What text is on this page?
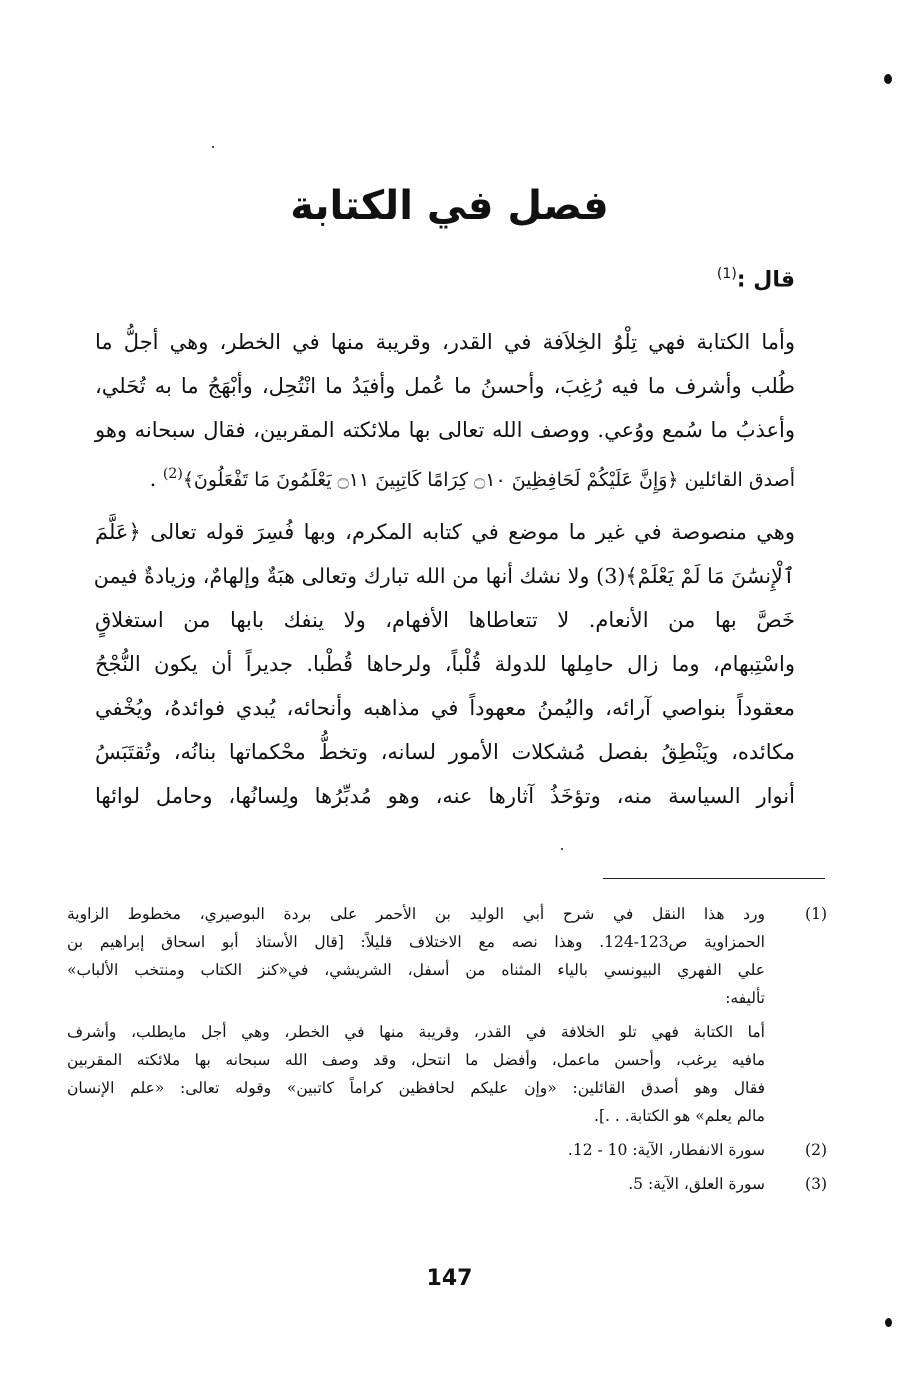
فصل في الكتابة
قال :$^{(1)}$
وأما الكتابة فهي تِلْوُ الخِلاَفة في القدر، وقريبة منها في الخطر، وهي أجلُّ ما
طُلب وأشرف ما فيه رُغِبَ، وأحسنُ ما عُمل وأفيَدُ ما انْتُحِل، وأبْهَجُ ما به تُحَلي،
وأعذبُ ما سُمع ووُعي. ووصف الله تعالى بها ملائكته المقربين، فقال سبحانه وهو
أصدق القائلين ﴿وَإِنَّ عَلَيْكُمْ لَحَافِظِينَ ۝١٠ كِرَامًا كَاتِبِينَ ۝١١ يَعْلَمُونَ مَا تَفْعَلُونَ﴾$^{(2)}$ .
وهي منصوصة في غير ما موضع في كتابه المكرم، وبها فُسِرَ قوله تعالى ﴿عَلَّمَ
ٱلْإِنسَٰنَ مَا لَمْ يَعْلَمْ﴾(3) ولا نشك أنها من الله تبارك وتعالى هبَةٌ وإلهامٌ، وزيادةٌ فيمن
خَصَّ بها من الأنعام. لا تتعاطاها الأفهام، ولا ينفك بابها من استغلاقٍ
واسْتِبهام، وما زال حامِلها للدولة قُلْباً، ولرحاها قُطْبا. جديراً أن يكون النُّجْحُ
معقوداً بنواصي آرائه، واليُمنُ معهوداً في مذاهبه وأنحائه، يُبدي فوائدهُ، ويُخْفي
مكائده، ويَنْطِقُ بفصل مُشكلات الأمور لسانه، وتخطُّ محْكماتها بنانُه، وتُقتَبَسُ
أنوار السياسة منه، وتؤخَذُ آثارها عنه، وهو مُدبِّرُها ولِسانُها، وحامل لوائها
(1)
ورد هذا النقل في شرح أبي الوليد بن الأحمر على بردة البوصيري، مخطوط الزاوية
الحمزاوية ص123-124. وهذا نصه مع الاختلاف قليلاً: [قال الأستاذ أبو اسحاق إبراهيم بن
علي الفهري البيونسي بالياء المثناه من أسفل، الشريشي، في«كنز الكتاب ومنتخب الألباب»
تأليفه:
أما الكتابة فهي تلو الخلافة في القدر، وقريبة منها في الخطر، وهي أجل مايطلب، وأشرف
مافيه يرغب، وأحسن ماعمل، وأفضل ما انتحل، وقد وصف الله سبحانه بها ملائكته المقربين
فقال وهو أصدق القائلين: «وإن عليكم لحافظين كراماً كاتبين» وقوله تعالى: «علم الإنسان
مالم يعلم» هو الكتابة. . .].
(2)
سورة الانفطار، الآية: 10 - 12.
(3)
سورة العلق، الآية: 5.
147
